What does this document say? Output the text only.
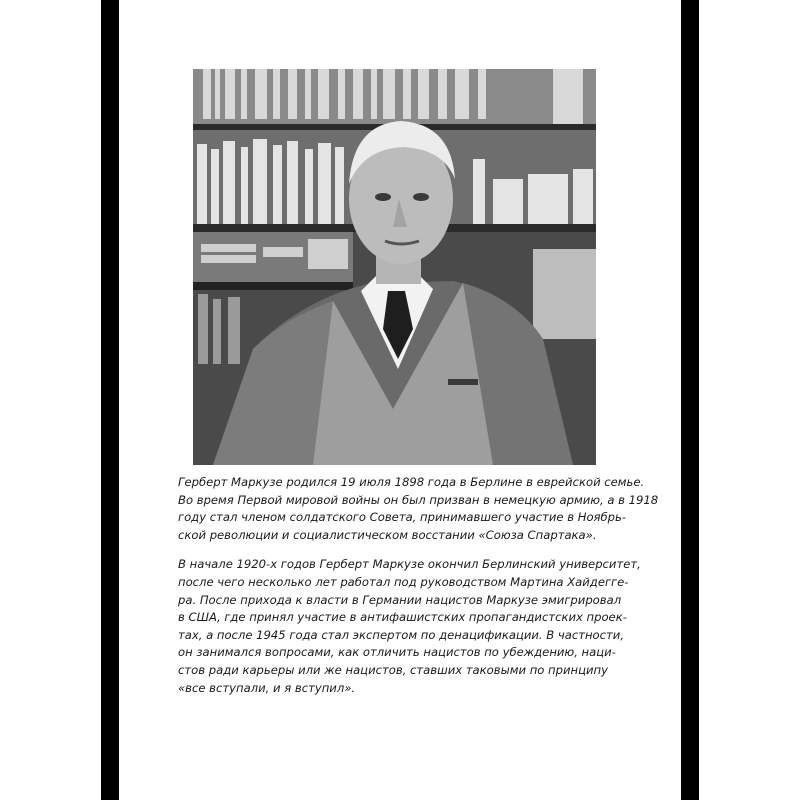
Герберт Маркузе родился 19 июля 1898 года в Берлине в еврейской семье.
Во время Первой мировой войны он был призван в немецкую армию, а в 1918
году стал членом солдатского Совета, принимавшего участие в Ноябрь-
ской революции и социалистическом восстании «Союза Спартака».

В начале 1920-х годов Герберт Маркузе окончил Берлинский университет,
после чего несколько лет работал под руководством Мартина Хайдегге-
ра. После прихода к власти в Германии нацистов Маркузе эмигрировал
в США, где принял участие в антифашистских пропагандистских проек-
тах, а после 1945 года стал экспертом по денацификации. В частности,
он занимался вопросами, как отличить нацистов по убеждению, наци-
стов ради карьеры или же нацистов, ставших таковыми по принципу
«все вступали, и я вступил».
